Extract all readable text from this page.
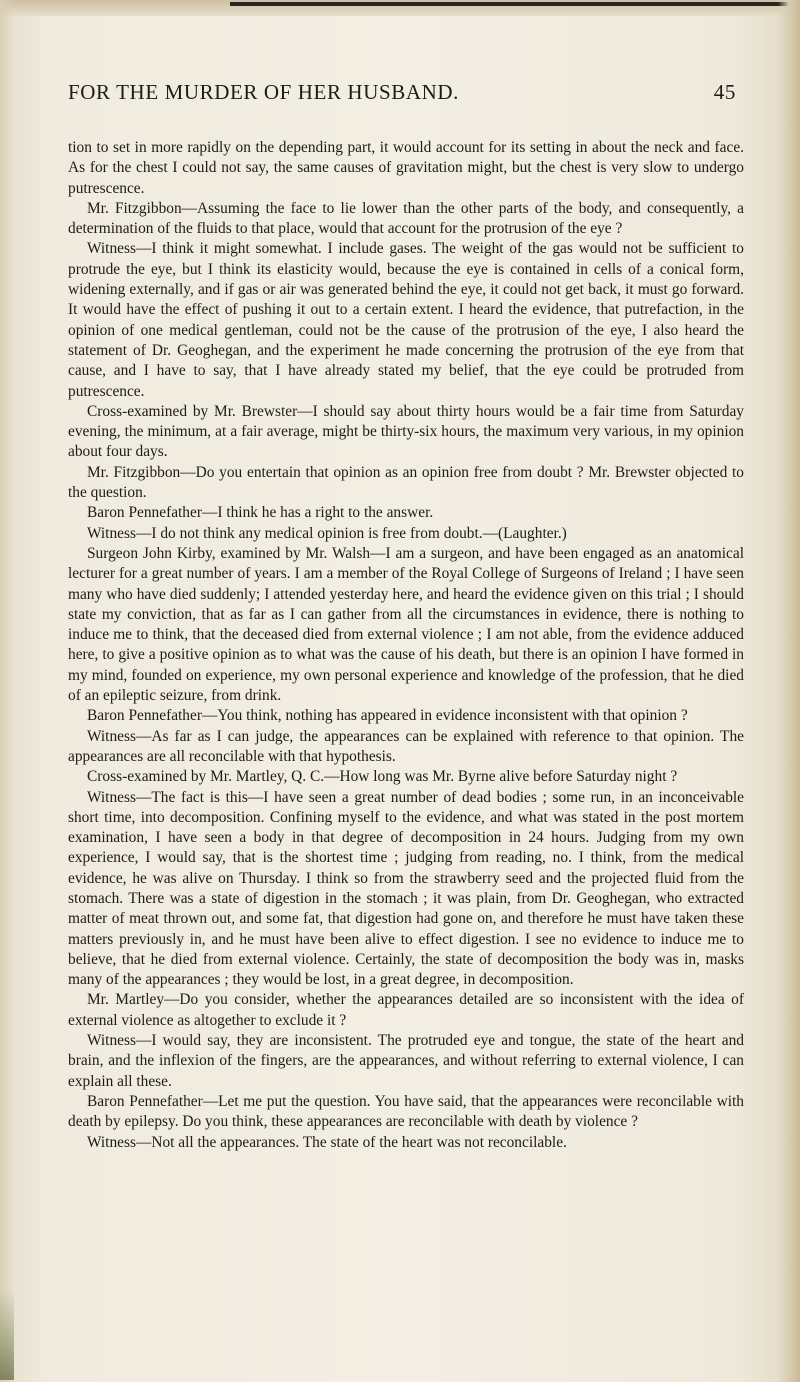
FOR THE MURDER OF HER HUSBAND.	45

tion to set in more rapidly on the depending part, it would account for its setting in about the neck and face. As for the chest I could not say, the same causes of gravitation might, but the chest is very slow to undergo putrescence.

Mr. Fitzgibbon—Assuming the face to lie lower than the other parts of the body, and consequently, a determination of the fluids to that place, would that account for the protrusion of the eye ?

Witness—I think it might somewhat. I include gases. The weight of the gas would not be sufficient to protrude the eye, but I think its elasticity would, because the eye is contained in cells of a conical form, widening externally, and if gas or air was generated behind the eye, it could not get back, it must go forward. It would have the effect of pushing it out to a certain extent. I heard the evidence, that putrefaction, in the opinion of one medical gentleman, could not be the cause of the protrusion of the eye, I also heard the statement of Dr. Geoghegan, and the experiment he made concerning the protrusion of the eye from that cause, and I have to say, that I have already stated my belief, that the eye could be protruded from putrescence.

Cross-examined by Mr. Brewster—I should say about thirty hours would be a fair time from Saturday evening, the minimum, at a fair average, might be thirty-six hours, the maximum very various, in my opinion about four days.

Mr. Fitzgibbon—Do you entertain that opinion as an opinion free from doubt ? Mr. Brewster objected to the question.

Baron Pennefather—I think he has a right to the answer.

Witness—I do not think any medical opinion is free from doubt.—(Laughter.)

Surgeon John Kirby, examined by Mr. Walsh—I am a surgeon, and have been engaged as an anatomical lecturer for a great number of years. I am a member of the Royal College of Surgeons of Ireland ; I have seen many who have died suddenly; I attended yesterday here, and heard the evidence given on this trial ; I should state my conviction, that as far as I can gather from all the circumstances in evidence, there is nothing to induce me to think, that the deceased died from external violence ; I am not able, from the evidence adduced here, to give a positive opinion as to what was the cause of his death, but there is an opinion I have formed in my mind, founded on experience, my own personal experience and knowledge of the profession, that he died of an epileptic seizure, from drink.

Baron Pennefather—You think, nothing has appeared in evidence inconsistent with that opinion ?

Witness—As far as I can judge, the appearances can be explained with reference to that opinion. The appearances are all reconcilable with that hypothesis.

Cross-examined by Mr. Martley, Q. C.—How long was Mr. Byrne alive before Saturday night ?

Witness—The fact is this—I have seen a great number of dead bodies ; some run, in an inconceivable short time, into decomposition. Confining myself to the evidence, and what was stated in the post mortem examination, I have seen a body in that degree of decomposition in 24 hours. Judging from my own experience, I would say, that is the shortest time ; judging from reading, no. I think, from the medical evidence, he was alive on Thursday. I think so from the strawberry seed and the projected fluid from the stomach. There was a state of digestion in the stomach ; it was plain, from Dr. Geoghegan, who extracted matter of meat thrown out, and some fat, that digestion had gone on, and therefore he must have taken these matters previously in, and he must have been alive to effect digestion. I see no evidence to induce me to believe, that he died from external violence. Certainly, the state of decomposition the body was in, masks many of the appearances ; they would be lost, in a great degree, in decomposition.

Mr. Martley—Do you consider, whether the appearances detailed are so inconsistent with the idea of external violence as altogether to exclude it ?

Witness—I would say, they are inconsistent. The protruded eye and tongue, the state of the heart and brain, and the inflexion of the fingers, are the appearances, and without referring to external violence, I can explain all these.

Baron Pennefather—Let me put the question. You have said, that the appearances were reconcilable with death by epilepsy. Do you think, these appearances are reconcilable with death by violence ?

Witness—Not all the appearances. The state of the heart was not reconcilable.
